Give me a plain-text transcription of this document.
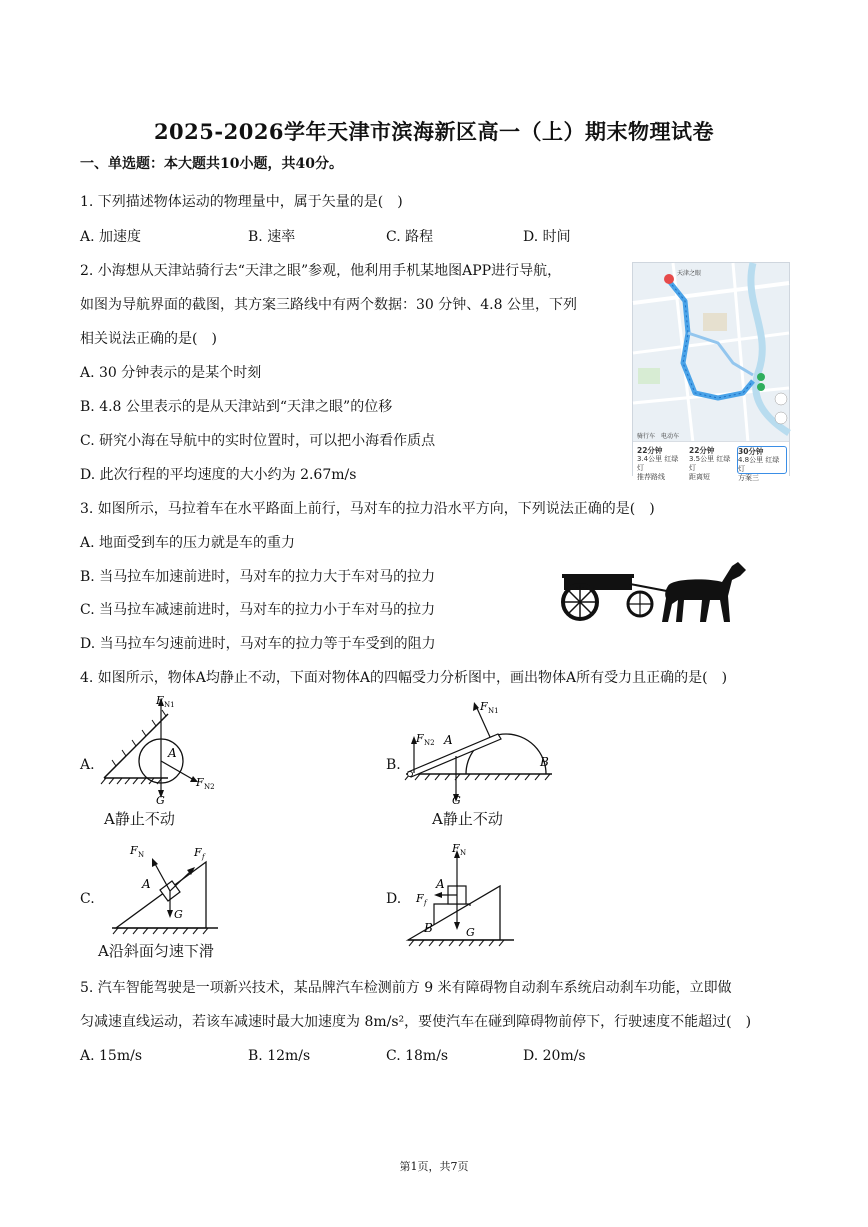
2025-2026学年天津市滨海新区高一（上）期末物理试卷
一、单选题：本大题共10小题，共40分。
1. 下列描述物体运动的物理量中，属于矢量的是(　)
A. 加速度	B. 速率	C. 路程	D. 时间
2. 小海想从天津站骑行去“天津之眼”参观，他利用手机某地图APP进行导航，
如图为导航界面的截图，其方案三路线中有两个数据：30 分钟、4.8 公里，下列
相关说法正确的是(　)
A. 30 分钟表示的是某个时刻
B. 4.8 公里表示的是从天津站到“天津之眼”的位移
C. 研究小海在导航中的实时位置时，可以把小海看作质点
D. 此次行程的平均速度的大小约为 2.67m/s
天津之眼
骑行车　电动车
22分钟
3.4公里 红绿灯
推荐路线
22分钟
3.5公里 红绿灯
距离短
30分钟
4.8公里 红绿灯
方案三
3. 如图所示，马拉着车在水平路面上前行，马对车的拉力沿水平方向，下列说法正确的是(　)
A. 地面受到车的压力就是车的重力
B. 当马拉车加速前进时，马对车的拉力大于车对马的拉力
C. 当马拉车减速前进时，马对车的拉力小于车对马的拉力
D. 当马拉车匀速前进时，马对车的拉力等于车受到的阻力
4. 如图所示，物体A均静止不动，下面对物体A的四幅受力分析图中，画出物体A所有受力且正确的是(　)
A.
F N1
A
F N2
G
A静止不动
B.
F N1
F N2 A
B
G
A静止不动
C.
F N	F f
A
G
A沿斜面匀速下滑
D.
F N
A
F f
B	G
5. 汽车智能驾驶是一项新兴技术，某品牌汽车检测前方 9 米有障碍物自动刹车系统启动刹车功能，立即做
匀减速直线运动，若该车减速时最大加速度为 8m/s²，要使汽车在碰到障碍物前停下，行驶速度不能超过(　)
A. 15m/s	B. 12m/s	C. 18m/s	D. 20m/s
第1页，共7页
